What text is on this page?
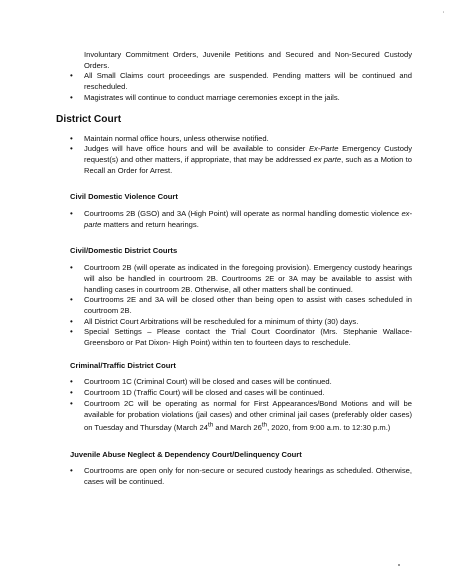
ʼ

Involuntary Commitment Orders, Juvenile Petitions and Secured and Non-Secured Custody Orders.

• All Small Claims court proceedings are suspended. Pending matters will be continued and rescheduled.
• Magistrates will continue to conduct marriage ceremonies except in the jails.
District Court
• Maintain normal office hours, unless otherwise notified.
• Judges will have office hours and will be available to consider Ex-Parte Emergency Custody request(s) and other matters, if appropriate, that may be addressed ex parte, such as a Motion to Recall an Order for Arrest.
Civil Domestic Violence Court
• Courtrooms 2B (GSO) and 3A (High Point) will operate as normal handling domestic violence ex-parte matters and return hearings.
Civil/Domestic District Courts
• Courtroom 2B (will operate as indicated in the foregoing provision). Emergency custody hearings will also be handled in courtroom 2B. Courtrooms 2E or 3A may be available to assist with handling cases in courtroom 2B. Otherwise, all other matters shall be continued.
• Courtrooms 2E and 3A will be closed other than being open to assist with cases scheduled in courtroom 2B.
• All District Court Arbitrations will be rescheduled for a minimum of thirty (30) days.
• Special Settings – Please contact the Trial Court Coordinator (Mrs. Stephanie Wallace- Greensboro or Pat Dixon- High Point) within ten to fourteen days to reschedule.
Criminal/Traffic District Court
• Courtroom 1C (Criminal Court) will be closed and cases will be continued.
• Courtroom 1D (Traffic Court) will be closed and cases will be continued.
• Courtroom 2C will be operating as normal for First Appearances/Bond Motions and will be available for probation violations (jail cases) and other criminal jail cases (preferably older cases) on Tuesday and Thursday (March 24th and March 26th, 2020, from 9:00 a.m. to 12:30 p.m.)
Juvenile Abuse Neglect & Dependency Court/Delinquency Court
• Courtrooms are open only for non-secure or secured custody hearings as scheduled. Otherwise, cases will be continued.
